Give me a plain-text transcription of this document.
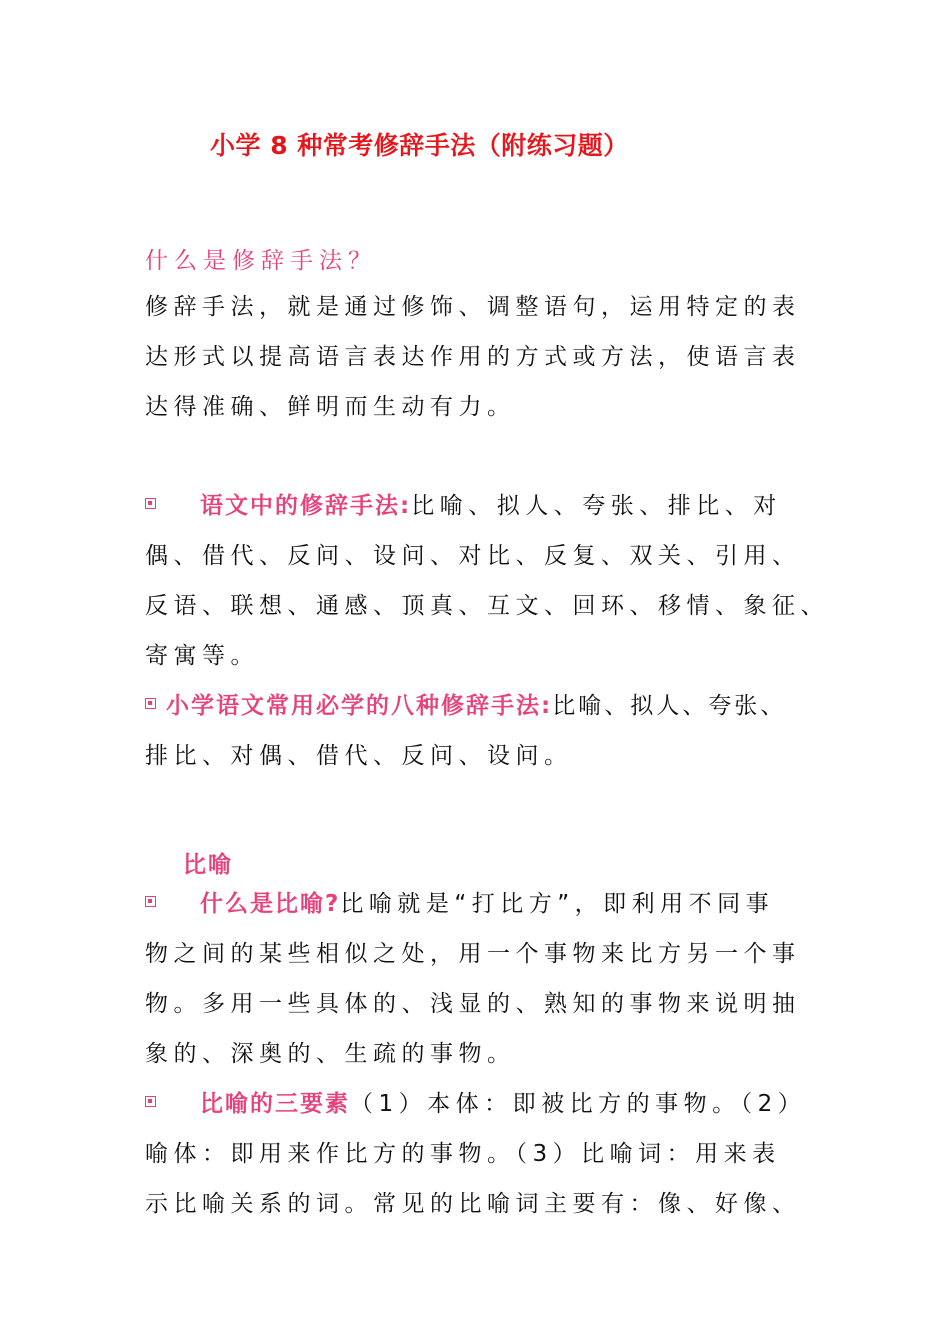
小学 8 种常考修辞手法（附练习题）
什么是修辞手法？
修辞手法，就是通过修饰、调整语句，运用特定的表
达形式以提高语言表达作用的方式或方法，使语言表
达得准确、鲜明而生动有力。
语文中的修辞手法:比喻、拟人、夸张、排比、对
偶、借代、反问、设问、对比、反复、双关、引用、
反语、联想、通感、顶真、互文、回环、移情、象征、
寄寓等。
小学语文常用必学的八种修辞手法:比喻、拟人、夸张、
排比、对偶、借代、反问、设问。
比喻
什么是比喻?比喻就是“打比方”，即利用不同事
物之间的某些相似之处，用一个事物来比方另一个事
物。多用一些具体的、浅显的、熟知的事物来说明抽
象的、深奥的、生疏的事物。
比喻的三要素（1）本体：即被比方的事物。（2）
喻体：即用来作比方的事物。（3）比喻词：用来表
示比喻关系的词。常见的比喻词主要有：像、好像、
